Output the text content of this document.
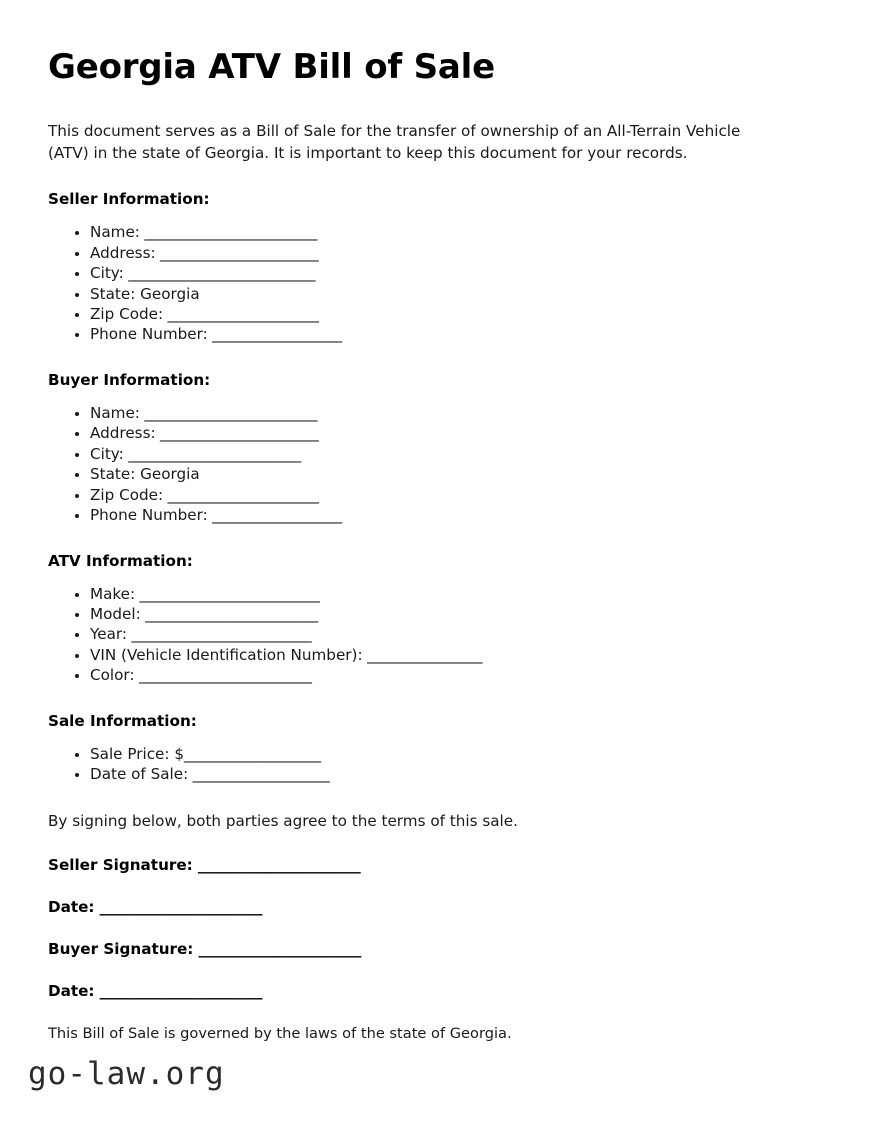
Georgia ATV Bill of Sale

This document serves as a Bill of Sale for the transfer of ownership of an All-Terrain Vehicle (ATV) in the state of Georgia. It is important to keep this document for your records.

Seller Information:
• Name: ________________________
• Address: ______________________
• City: __________________________
• State: Georgia
• Zip Code: _____________________
• Phone Number: __________________
Buyer Information:
• Name: ________________________
• Address: ______________________
• City: ________________________
• State: Georgia
• Zip Code: _____________________
• Phone Number: __________________
ATV Information:
• Make: _________________________
• Model: ________________________
• Year: _________________________
• VIN (Vehicle Identification Number): ________________
• Color: ________________________
Sale Information:
• Sale Price: $___________________
• Date of Sale: ___________________

By signing below, both parties agree to the terms of this sale.

Seller Signature: ______________________

Date: ______________________

Buyer Signature: ______________________

Date: ______________________

This Bill of Sale is governed by the laws of the state of Georgia.

go-law.org
